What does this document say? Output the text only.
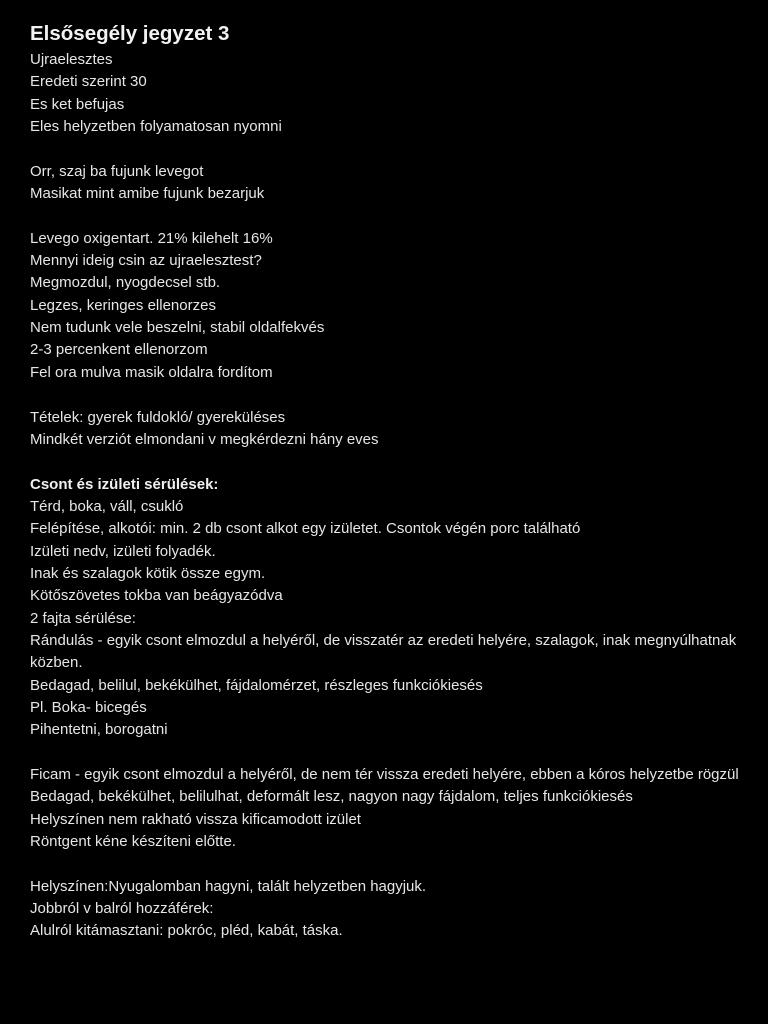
Elsősegély jegyzet 3
Ujraelesztes
Eredeti szerint 30
Es ket befujas
Eles helyzetben folyamatosan nyomni
Orr, szaj ba fujunk levegot
Masikat mint amibe fujunk bezarjuk
Levego oxigentart. 21% kilehelt 16%
Mennyi ideig csin az ujraelesztest?
Megmozdul, nyogdecsel stb.
Legzes, keringes ellenorzes
Nem tudunk vele beszelni, stabil oldalfekvés
2-3 percenkent ellenorzom
Fel ora mulva masik oldalra fordítom
Tételek: gyerek fuldokló/ gyereküléses
Mindkét verziót elmondani v megkérdezni hány eves
Csont és izületi sérülések:
Térd, boka, váll, csukló
Felépítése, alkotói: min. 2 db csont alkot egy izületet. Csontok végén porc található
Izületi nedv, izületi folyadék.
Inak és szalagok kötik össze egym.
Kötőszövetes tokba van beágyazódva
2 fajta sérülése:
Rándulás - egyik csont elmozdul a helyéről, de visszatér az eredeti helyére, szalagok, inak megnyúlhatnak közben.
Bedagad, belilul, bekékülhet, fájdalomérzet, részleges funkciókiesés
Pl. Boka- bicegés
Pihentetni, borogatni
Ficam - egyik csont elmozdul a helyéről, de nem tér vissza eredeti helyére, ebben a kóros helyzetbe rögzül
Bedagad, bekékülhet, belilulhat, deformált lesz, nagyon nagy fájdalom, teljes funkciókiesés
Helyszínen nem rakható vissza kificamodott izület
Röntgent kéne készíteni előtte.
Helyszínen:Nyugalomban hagyni, talált helyzetben hagyjuk.
Jobbról v balról hozzáférek:
Alulról kitámasztani: pokróc, pléd, kabát, táska.
